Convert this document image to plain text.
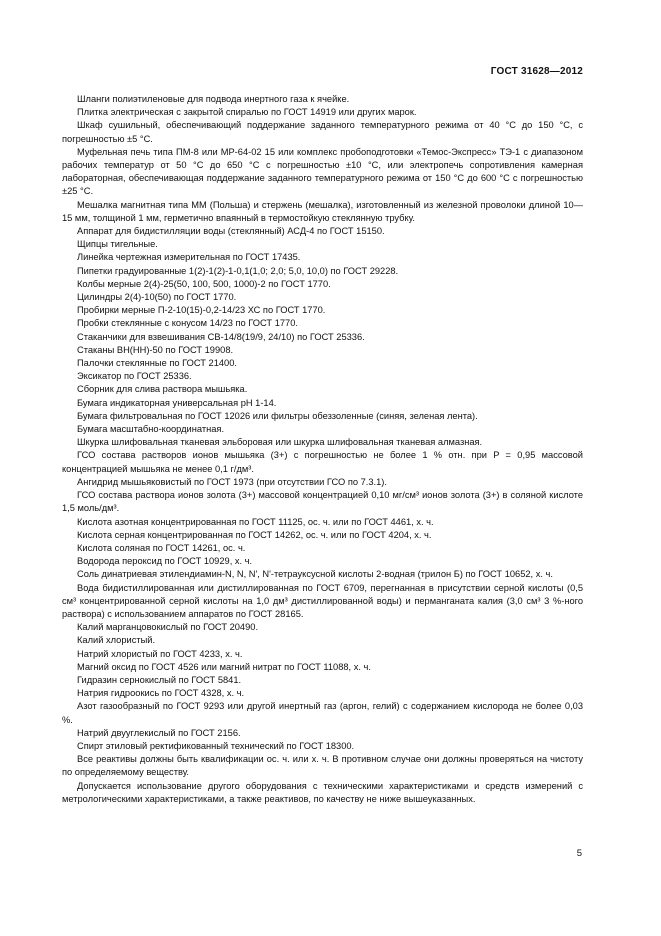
ГОСТ 31628—2012

Шланги полиэтиленовые для подвода инертного газа к ячейке.

Плитка электрическая с закрытой спиралью по ГОСТ 14919 или других марок.

Шкаф сушильный, обеспечивающий поддержание заданного температурного режима от 40 °С до 150 °С, с погрешностью ±5 °С.

Муфельная печь типа ПМ-8 или МР-64-02 15 или комплекс пробоподготовки «Темос-Экспресс» ТЭ-1 с диапазоном рабочих температур от 50 °С до 650 °С с погрешностью ±10 °С, или электропечь сопротивления камерная лабораторная, обеспечивающая поддержание заданного температурного режима от 150 °С до 600 °С с погрешностью ±25 °С.

Мешалка магнитная типа ММ (Польша) и стержень (мешалка), изготовленный из железной проволоки длиной 10—15 мм, толщиной 1 мм, герметично впаянный в термостойкую стеклянную трубку.

Аппарат для бидистилляции воды (стеклянный) АСД-4 по ГОСТ 15150.

Щипцы тигельные.

Линейка чертежная измерительная по ГОСТ 17435.

Пипетки градуированные 1(2)-1(2)-1-0,1(1,0; 2,0; 5,0, 10,0) по ГОСТ 29228.

Колбы мерные 2(4)-25(50, 100, 500, 1000)-2 по ГОСТ 1770.

Цилиндры 2(4)-10(50) по ГОСТ 1770.

Пробирки мерные П-2-10(15)-0,2-14/23 ХС по ГОСТ 1770.

Пробки стеклянные с конусом 14/23 по ГОСТ 1770.

Стаканчики для взвешивания СВ-14/8(19/9, 24/10) по ГОСТ 25336.

Стаканы ВН(НН)-50 по ГОСТ 19908.

Палочки стеклянные по ГОСТ 21400.

Эксикатор по ГОСТ 25336.

Сборник для слива раствора мышьяка.

Бумага индикаторная универсальная рН 1-14.

Бумага фильтровальная по ГОСТ 12026 или фильтры обеззоленные (синяя, зеленая лента).

Бумага масштабно-координатная.

Шкурка шлифовальная тканевая эльборовая или шкурка шлифовальная тканевая алмазная.

ГСО состава растворов ионов мышьяка (3+) с погрешностью не более 1 % отн. при P = 0,95 массовой концентрацией мышьяка не менее 0,1 г/дм³.

Ангидрид мышьяковистый по ГОСТ 1973 (при отсутствии ГСО по 7.3.1).

ГСО состава раствора ионов золота (3+) массовой концентрацией 0,10 мг/см³ ионов золота (3+) в соляной кислоте 1,5 моль/дм³.

Кислота азотная концентрированная по ГОСТ 11125, ос. ч. или по ГОСТ 4461, х. ч.

Кислота серная концентрированная по ГОСТ 14262, ос. ч. или по ГОСТ 4204, х. ч.

Кислота соляная по ГОСТ 14261, ос. ч.

Водорода пероксид по ГОСТ 10929, х. ч.

Соль динатриевая этилендиамин-N, N, N', N'-тетрауксусной кислоты 2-водная (трилон Б) по ГОСТ 10652, х. ч.

Вода бидистиллированная или дистиллированная по ГОСТ 6709, перегнанная в присутствии серной кислоты (0,5 см³ концентрированной серной кислоты на 1,0 дм³ дистиллированной воды) и перманганата калия (3,0 см³ 3 %-ного раствора) с использованием аппаратов по ГОСТ 28165.

Калий марганцовокислый по ГОСТ 20490.

Калий хлористый.

Натрий хлористый по ГОСТ 4233, х. ч.

Магний оксид по ГОСТ 4526 или магний нитрат по ГОСТ 11088, х. ч.

Гидразин сернокислый по ГОСТ 5841.

Натрия гидроокись по ГОСТ 4328, х. ч.

Азот газообразный по ГОСТ 9293 или другой инертный газ (аргон, гелий) с содержанием кислорода не более 0,03 %.

Натрий двууглекислый по ГОСТ 2156.

Спирт этиловый ректификованный технический по ГОСТ 18300.

Все реактивы должны быть квалификации ос. ч. или х. ч. В противном случае они должны проверяться на чистоту по определяемому веществу.

Допускается использование другого оборудования с техническими характеристиками и средств измерений с метрологическими характеристиками, а также реактивов, по качеству не ниже вышеуказанных.

5
